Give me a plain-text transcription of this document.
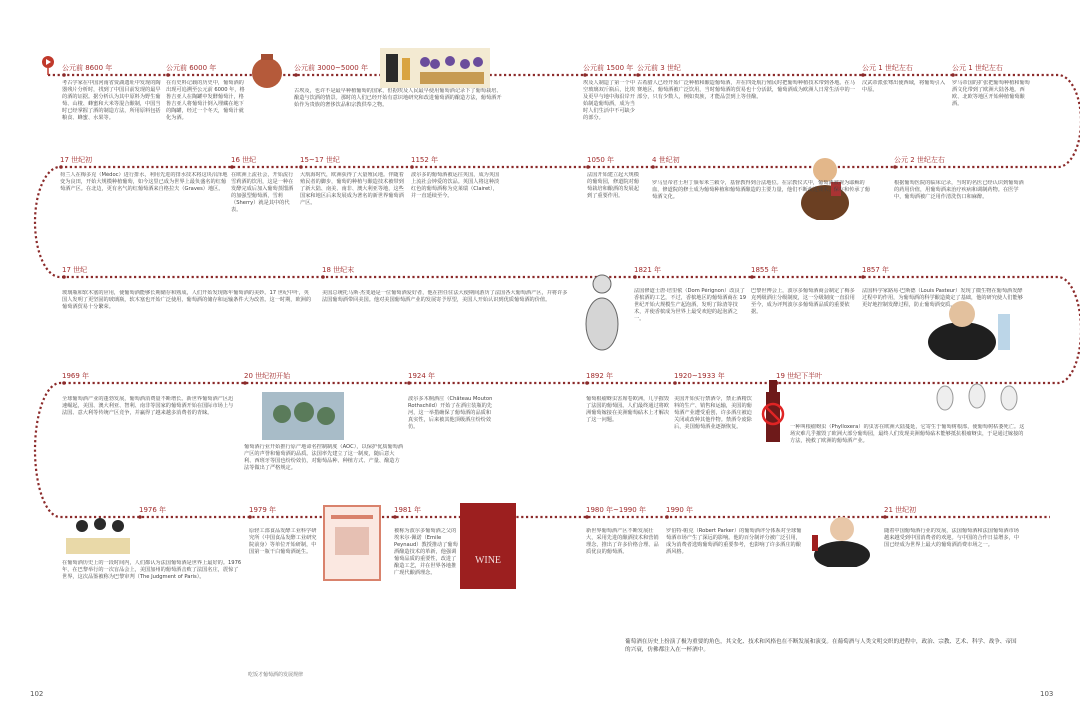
WINE
公元前 8600 年
考古学家在中国河南省贾湖遗址中发现的陶器残片分析时，找到了中国目前发现的最早的酒的证据。据分析认为其中原料为野生葡萄、山楂、蜂蜜和大米等混合酿制，中国当时已经掌握了酒的制造方法，所用原料包括粮食、蜂蜜、水果等。
公元前 6000 年
在有史料记载的历史中，葡萄酒的出现可追溯至公元前 6000 年，格鲁吉亚人在陶罐中发酵葡萄汁，格鲁吉亚人将葡萄汁倒入埋藏在地下的陶罐，经过一个冬天，葡萄汁就化为酒。
公元前 3000~5000 年
古埃及，也许不是最早种植葡萄的国家，但据埃及人民最早使用葡萄酒记录下了葡萄栽培、酿造与饮酒的情景。那时的人们已经开始有意识地研究和改进葡萄酒的酿造方法，葡萄酒开始作为贵族的奢侈饮品和宗教供奉之物。
公元前 1500 年
埃及人制造了第一个中空玻璃双斤瓶后，比埃及更早与地中海沿岸开始制造葡萄酒，成为当时人们生活中不可缺少的部分。
公元前 3 世纪
古希腊人已经开始广泛种植和酿造葡萄酒，并在四处航行殖民时把葡萄种植技术带到各地。在马赛地区，葡萄酒被广泛饮用，当时葡萄酒的贸易也十分活跃，葡萄酒成为欧洲人日常生活中的一部分，只有少数人，例如贵族，才能品尝到上等佳酿。
公元 1 世纪左右
汉武帝派张骞出使西域，将葡萄引入中原。
公元 1 世纪左右
罗马帝国的扩张把葡萄种植和葡萄酒文化带到了欧洲大陆各地。西欧、北欧等地区开始种植葡萄酿酒。
17 世纪初
荷兰人在梅多克（Médoc）进行排水，利用先进的排水技术将这块沼泽地变为良田，开始大规模种植葡萄，如今这里已成为世界上最负盛名的红葡萄酒产区。在北边，更有名气的红葡萄酒来自格拉夫（Graves）地区。
16 世纪
在欧洲上流社会，开始流行雪莉酒的饮用，这是一种在发酵完成后加入葡萄蒸馏酒的加强型葡萄酒，雪莉（Sherry）就是其中的代表。
15~17 世纪
大航海时代，欧洲获得了大量殖民地。伴随着殖民者的脚步，葡萄的种植与酿造技术被带到了新大陆、南美、南非、澳大利亚等地，这些国家和地区后来发展成为著名的新世界葡萄酒产区。
1152 年
波尔多的葡萄酒被运往英国，成为英国上流社会钟爱的饮品。英国人将这种淡红色的葡萄酒称为克莱瑞（Clairet），并一直延续至今。
1050 年
法国开始建立起大规模的葡萄园，修道院对葡萄栽培和酿酒的发展起到了重要作用。
4 世纪初
罗马皇帝君士坦丁颁布米兰敕令，基督教得到合法地位。在宗教仪式中，葡萄酒被视为耶稣的血，修道院的修士成为葡萄种植和葡萄酒酿造的主要力量，他们不断改进技术，保存和传承了葡萄酒文化。
公元 2 世纪左右
根据葡萄医院的临床记录，当时的名医已经认识到葡萄酒的药用价值，用葡萄酒来治疗疾病和调制药物。在医学中，葡萄酒被广泛用作清洗伤口和麻醉。
17 世纪
玻璃瓶和软木塞的应用，使葡萄酒能够长期储存和熟成，人们开始发现陈年葡萄酒的美妙。17 世纪中叶，英国人发明了更坚固的玻璃瓶，软木塞也开始广泛使用，葡萄酒的储存和运输条件大为改善。这一时期，欧洲的葡萄酒贸易十分繁荣。
18 世纪末
美国总统托马斯·杰斐逊是一位葡萄酒爱好者，他在担任驻法大使期间游历了法国各大葡萄酒产区，并将许多法国葡萄酒带回美国。他对美国葡萄酒产业的发展寄予厚望，美国人开始认识到优质葡萄酒的价值。
1821 年
法国修道士唐·培里侬（Dom Pérignon）改良了香槟酒的工艺，不过，香槟地区的葡萄酒商在 19 世纪开始大规模生产起泡酒，发明了除渣等技术，并使香槟成为世界上最受欢迎的起泡酒之一。
1855 年
巴黎世博会上，波尔多葡萄酒商会制定了梅多克列级酒庄分级制度，这一分级制度一直沿用至今，成为评判波尔多葡萄酒品质的重要依据。
1857 年
法国科学家路易·巴斯德（Louis Pasteur）发现了微生物在葡萄酒发酵过程中的作用，为葡萄酒的科学酿造奠定了基础，他的研究使人们能够更好地控制发酵过程，防止葡萄酒变质。
1969 年
全球葡萄酒产业的蓬勃发展，葡萄酒消费量不断增长。新世界葡萄酒产区迅速崛起，美国、澳大利亚、智利、南非等国家的葡萄酒开始在国际市场上与法国、意大利等传统产区竞争，并赢得了越来越多消费者的青睐。
20 世纪初开始
葡萄酒行业开始推行原产地命名控制制度（AOC），以保护优质葡萄酒产区的声誉和葡萄酒的品质。法国率先建立了这一制度，随后意大利、西班牙等国也纷纷效仿，对葡萄品种、种植方式、产量、酿造方法等做出了严格规定。
1924 年
波尔多木桐酒庄（Château Mouton Rothschild）开始了在酒庄装瓶的先河，这一举措确保了葡萄酒的品质和真实性，后来被其他顶级酒庄纷纷效仿。
1892 年
葡萄根瘤蚜虫害席卷欧洲，几乎摧毁了法国的葡萄园。人们最终通过将欧洲葡萄嫁接在美洲葡萄砧木上才解决了这一问题。
1920~1933 年
美国开始实行禁酒令，禁止酒精饮料的生产、销售和运输，美国的葡萄酒产业遭受重创，许多酒庄被迫关闭或改种其他作物。禁酒令废除后，美国葡萄酒业逐渐恢复。
19 世纪下半叶
一种叫根瘤蚜虫（Phylloxera）的虫害在欧洲大陆蔓延，它寄生于葡萄树根部，使葡萄树枯萎死亡。这场灾难几乎摧毁了欧洲大部分葡萄园，最终人们发现美洲葡萄砧木能够抵抗根瘤蚜虫，于是通过嫁接的方法，挽救了欧洲的葡萄酒产业。
1976 年
在葡萄酒历史上的一段时间内，人们都认为法国葡萄酒是世界上最好的。1976 年，在巴黎举行的一次盲品会上，美国加州的葡萄酒击败了法国名庄，震惊了世界，这次品鉴被称为巴黎审判（The Judgment of Paris）。
1979 年
原轻工部食品发酵工业科学研究所（中国食品发酵工业研究院前身）等单位开始研制，中国第一瓶干白葡萄酒诞生。
1981 年
被称为波尔多葡萄酒之父的埃米尔·佩诺（Emile Peynaud）教授推动了葡萄酒酿造技术的革新，他强调葡萄品质的重要性，改进了酿造工艺，并在世界各地推广现代酿酒理念。
1980 年~1990 年
新世界葡萄酒产区不断发展壮大，采用先进的酿酒技术和营销理念，推出了许多价格合理、品质优良的葡萄酒。
1990 年
罗伯特·帕克（Robert Parker）的葡萄酒评分体系对全球葡萄酒市场产生了深远的影响。他的百分制评分被广泛引用，成为消费者选购葡萄酒的重要参考，也影响了许多酒庄的酿酒风格。
21 世纪初
随着中国葡萄酒行业的发展，法国葡萄酒和法国葡萄酒市场越来越受到中国消费者的欢迎。与中国的合作日益增多，中国已经成为世界上最大的葡萄酒消费市场之一。
葡萄酒在历史上扮演了极为重要的角色，其文化、技术和风格也在不断发展和演变。在葡萄酒与人类文明交织的进程中，政治、宗教、艺术、科学、战争、帝国的兴衰，仿佛都注入在一杯酒中。
吃饭才葡萄酒的发展规律
102	103
